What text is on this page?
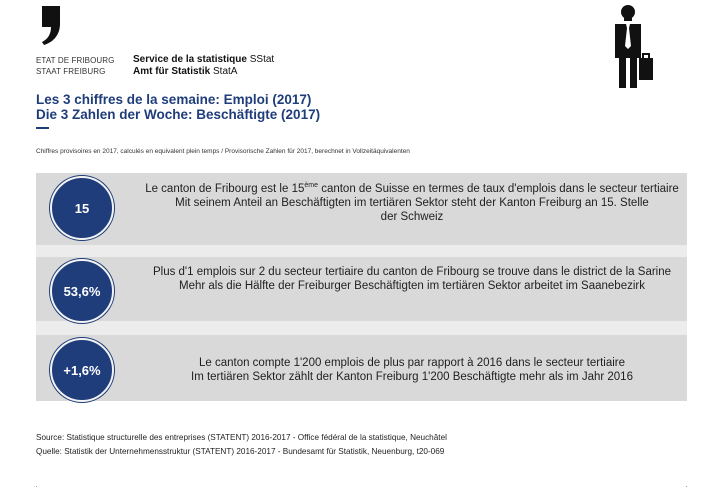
ETAT DE FRIBOURG
STAAT FREIBURG
Service de la statistique SStat
Amt für Statistik StatA
Les 3 chiffres de la semaine: Emploi (2017)
Die 3 Zahlen der Woche: Beschäftigte (2017)
Chiffres provisoires en 2017, calculés en equivalent plein temps / Provisorische Zahlen für 2017, berechnet in Vollzeitäquivalenten
15
Le canton de Fribourg est le 15ème canton de Suisse en termes de taux d'emplois dans le secteur tertiaire
Mit seinem Anteil an Beschäftigten im tertiären Sektor steht der Kanton Freiburg an 15. Stelle der Schweiz
53,6%
Plus d'1 emplois sur 2 du secteur tertiaire du canton de Fribourg se trouve dans le district de la Sarine
Mehr als die Hälfte der Freiburger Beschäftigten im tertiären Sektor arbeitet im Saanebezirk
+1,6%	Le canton compte 1'200 emplois de plus par rapport à 2016 dans le secteur tertiaire
Im tertiären Sektor zählt der Kanton Freiburg 1'200 Beschäftigte mehr als im Jahr 2016
Source: Statistique structurelle des entreprises (STATENT) 2016-2017 - Office fédéral de la statistique, Neuchâtel
Quelle: Statistik der Unternehmensstruktur (STATENT) 2016-2017 - Bundesamt für Statistik, Neuenburg, t20-069
